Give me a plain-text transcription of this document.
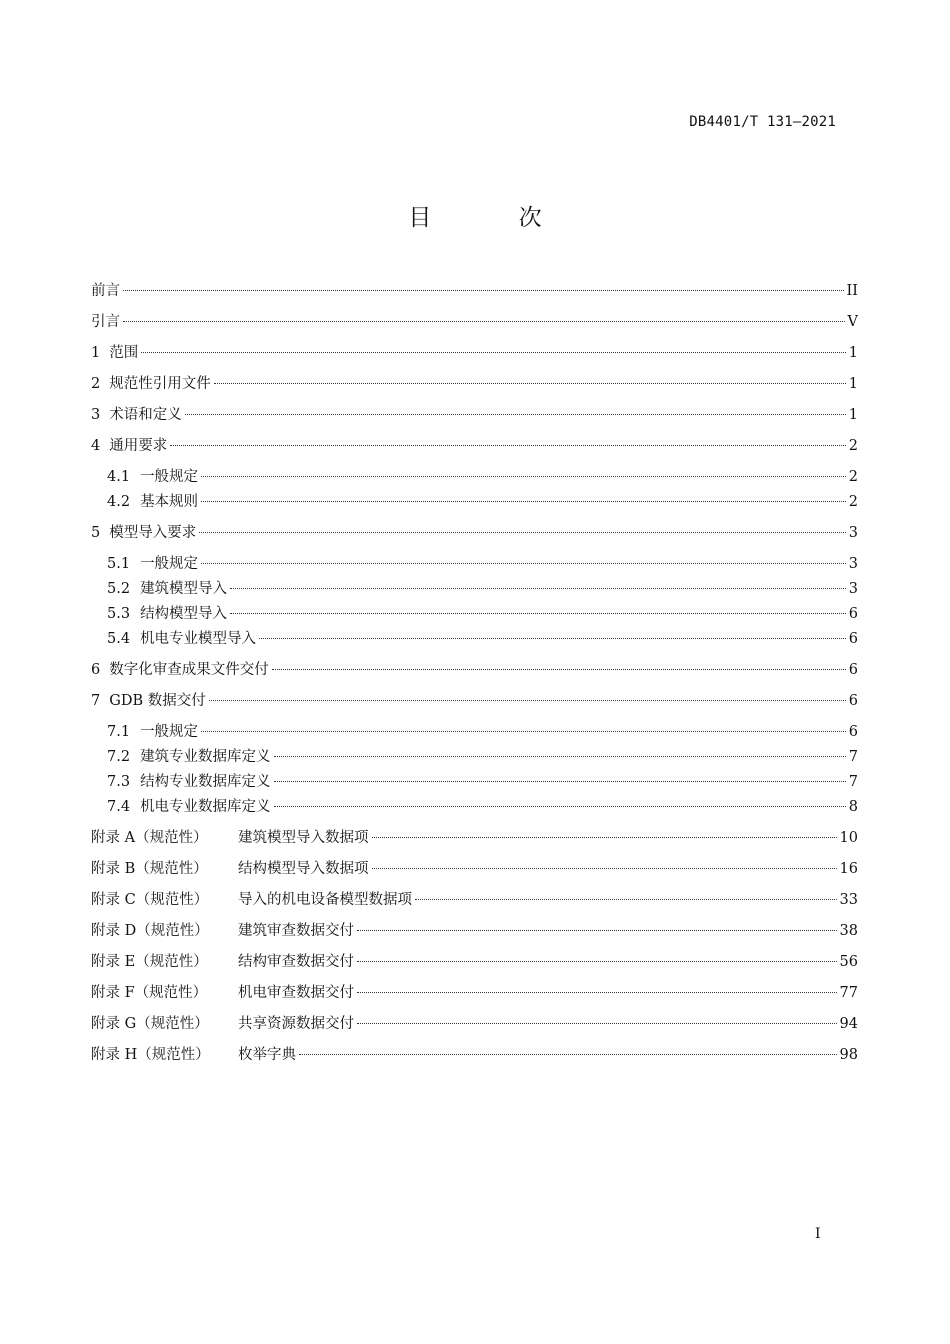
DB4401/T 131—2021
目 次
前言	II
引言	V
1 范围	1
2 规范性引用文件	1
3 术语和定义	1
4 通用要求	2
4.1 一般规定	2
4.2 基本规则	2
5 模型导入要求	3
5.1 一般规定	3
5.2 建筑模型导入	3
5.3 结构模型导入	6
5.4 机电专业模型导入	6
6 数字化审查成果文件交付	6
7 GDB 数据交付	6
7.1 一般规定	6
7.2 建筑专业数据库定义	7
7.3 结构专业数据库定义	7
7.4 机电专业数据库定义	8
附录 A（规范性）	建筑模型导入数据项	10
附录 B（规范性）	结构模型导入数据项	16
附录 C（规范性）	导入的机电设备模型数据项	33
附录 D（规范性）	建筑审查数据交付	38
附录 E（规范性）	结构审查数据交付	56
附录 F（规范性）	机电审查数据交付	77
附录 G（规范性）	共享资源数据交付	94
附录 H（规范性）	枚举字典	98
I
